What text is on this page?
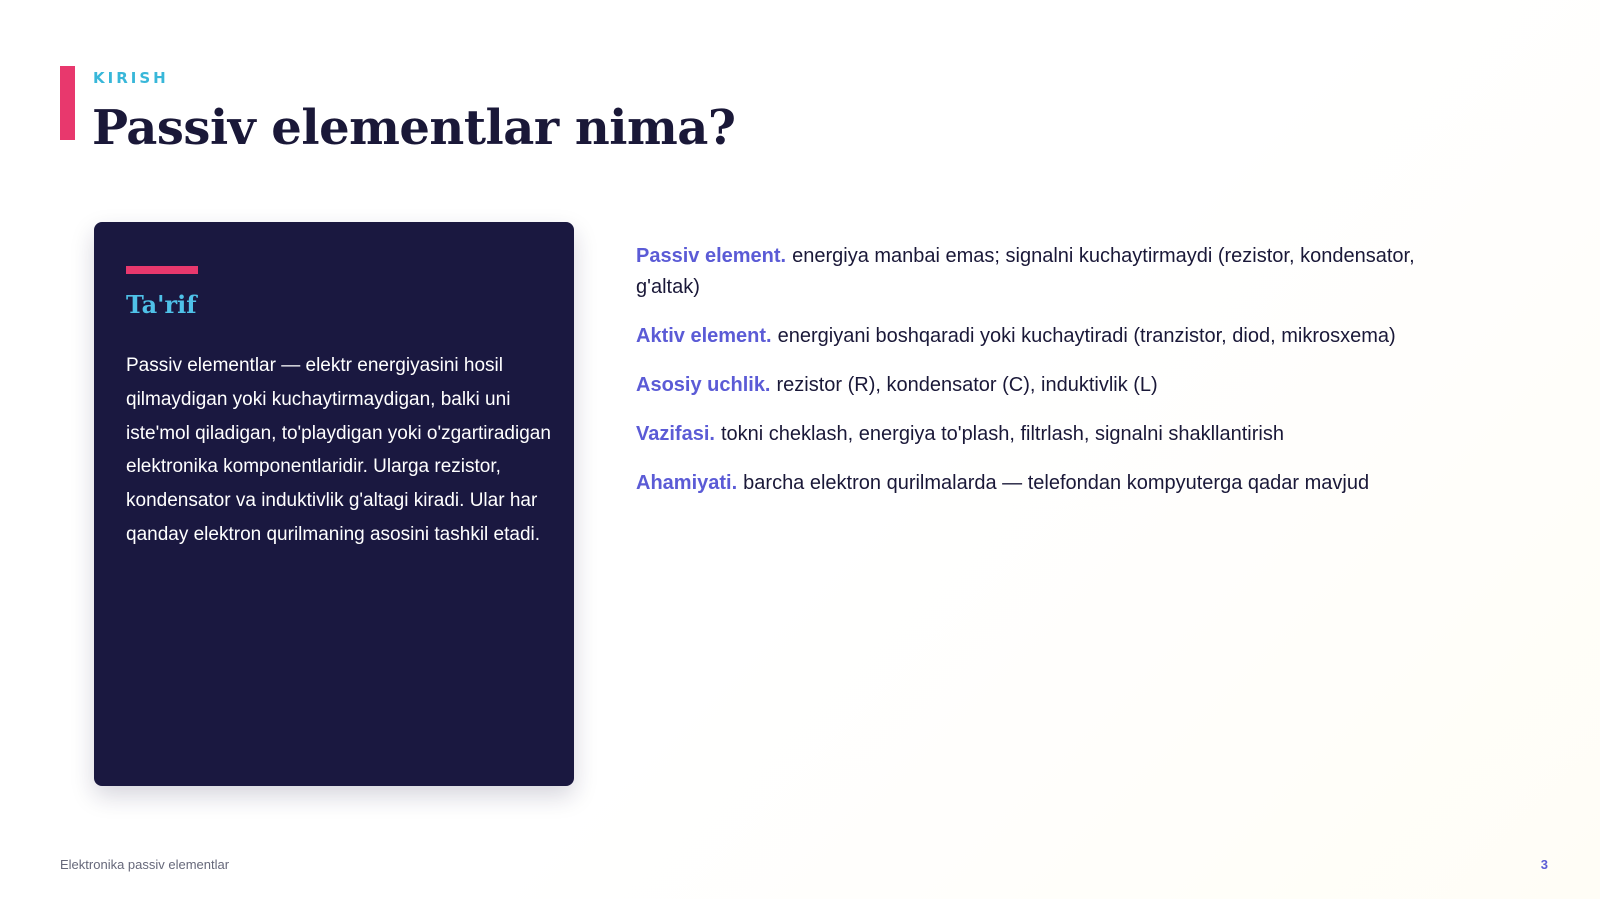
KIRISH
Passiv elementlar nima?
Ta'rif

Passiv elementlar — elektr energiyasini hosil qilmaydigan yoki kuchaytirmaydigan, balki uni iste'mol qiladigan, to'playdigan yoki o'zgartiradigan elektronika komponentlaridir. Ularga rezistor, kondensator va induktivlik g'altagi kiradi. Ular har qanday elektron qurilmaning asosini tashkil etadi.

Passiv element. energiya manbai emas; signalni kuchaytirmaydi (rezistor, kondensator, g'altak)
Aktiv element. energiyani boshqaradi yoki kuchaytiradi (tranzistor, diod, mikrosxema)
Asosiy uchlik. rezistor (R), kondensator (C), induktivlik (L)
Vazifasi. tokni cheklash, energiya to'plash, filtrlash, signalni shakllantirish
Ahamiyati. barcha elektron qurilmalarda — telefondan kompyuterga qadar mavjud
Elektronika passiv elementlar	3
